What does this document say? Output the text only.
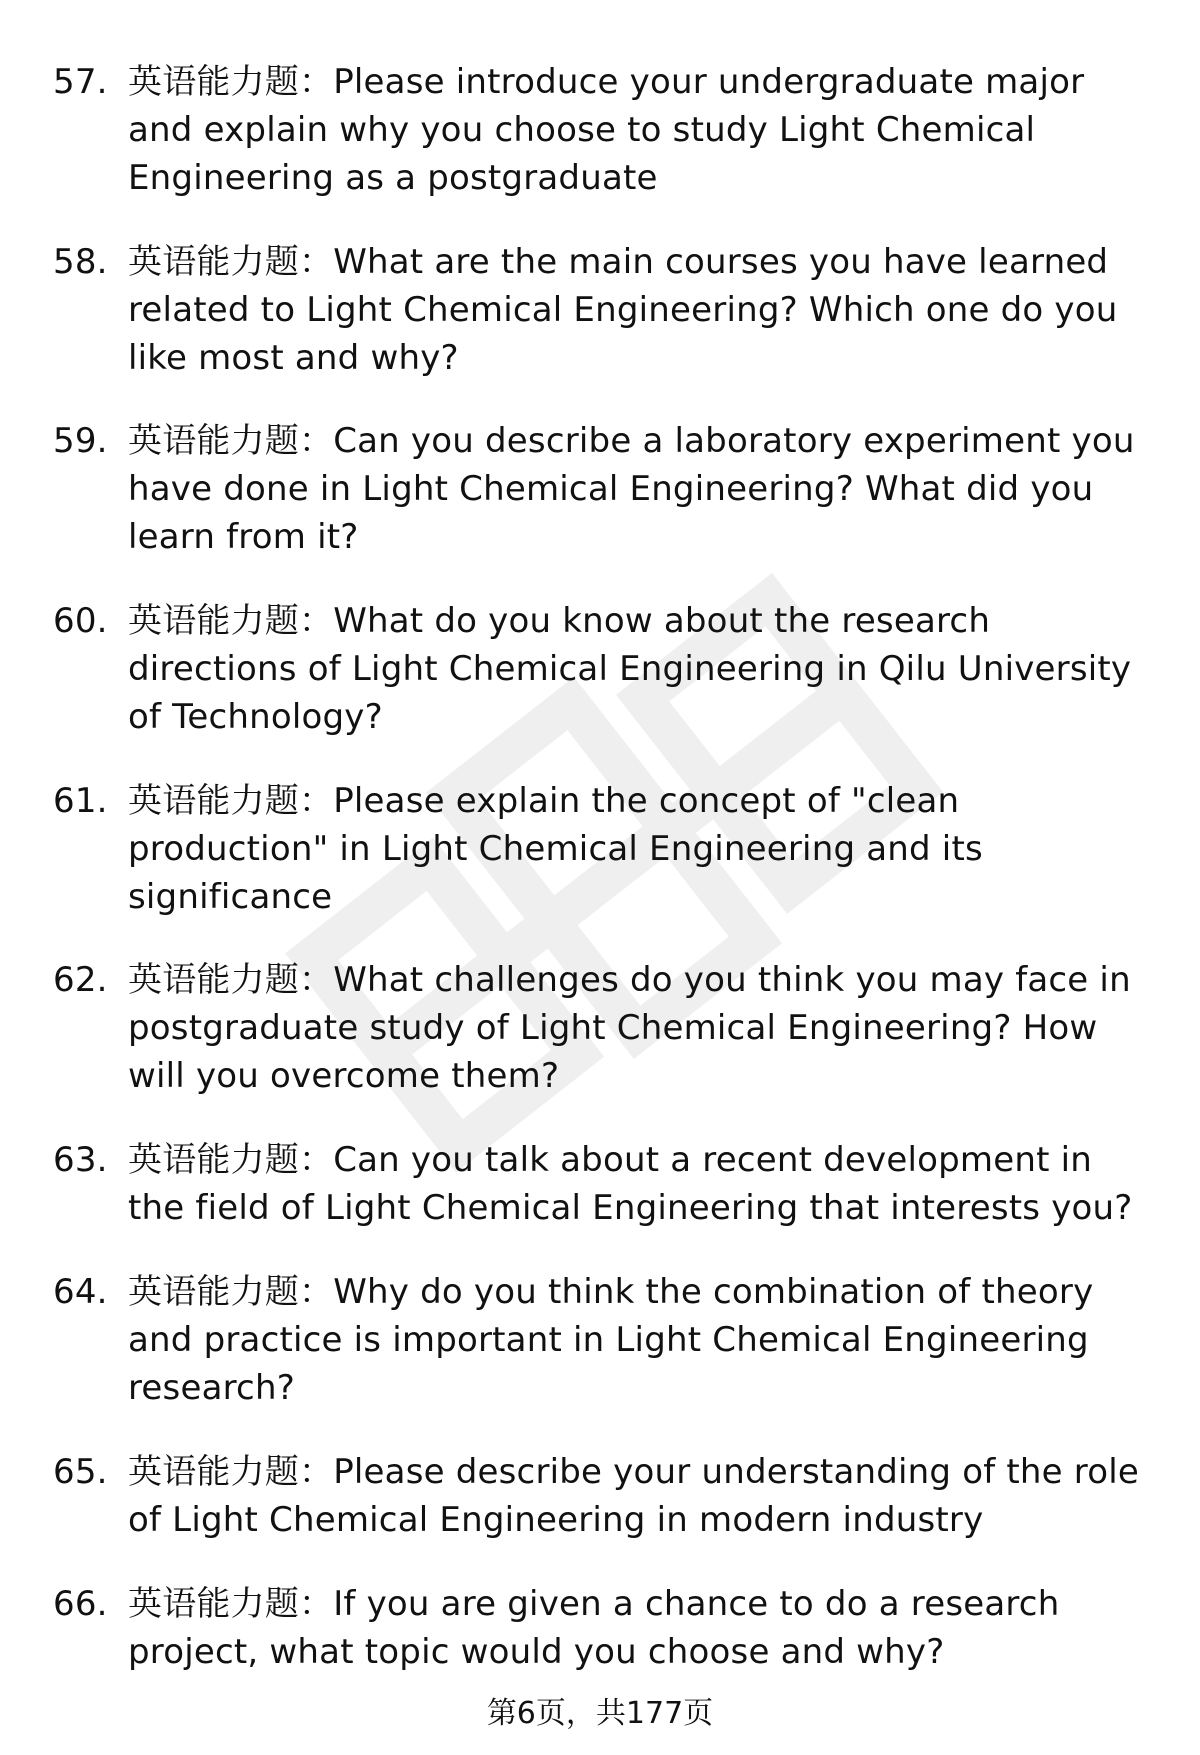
57. 英语能力题：Please introduce your undergraduate major and explain why you choose to study Light Chemical Engineering as a postgraduate
58. 英语能力题：What are the main courses you have learned related to Light Chemical Engineering? Which one do you like most and why?
59. 英语能力题：Can you describe a laboratory experiment you have done in Light Chemical Engineering? What did you learn from it?
60. 英语能力题：What do you know about the research directions of Light Chemical Engineering in Qilu University of Technology?
61. 英语能力题：Please explain the concept of "clean production" in Light Chemical Engineering and its significance
62. 英语能力题：What challenges do you think you may face in postgraduate study of Light Chemical Engineering? How will you overcome them?
63. 英语能力题：Can you talk about a recent development in the field of Light Chemical Engineering that interests you?
64. 英语能力题：Why do you think the combination of theory and practice is important in Light Chemical Engineering research?
65. 英语能力题：Please describe your understanding of the role of Light Chemical Engineering in modern industry
66. 英语能力题：If you are given a chance to do a research project, what topic would you choose and why?
第6页，共177页
